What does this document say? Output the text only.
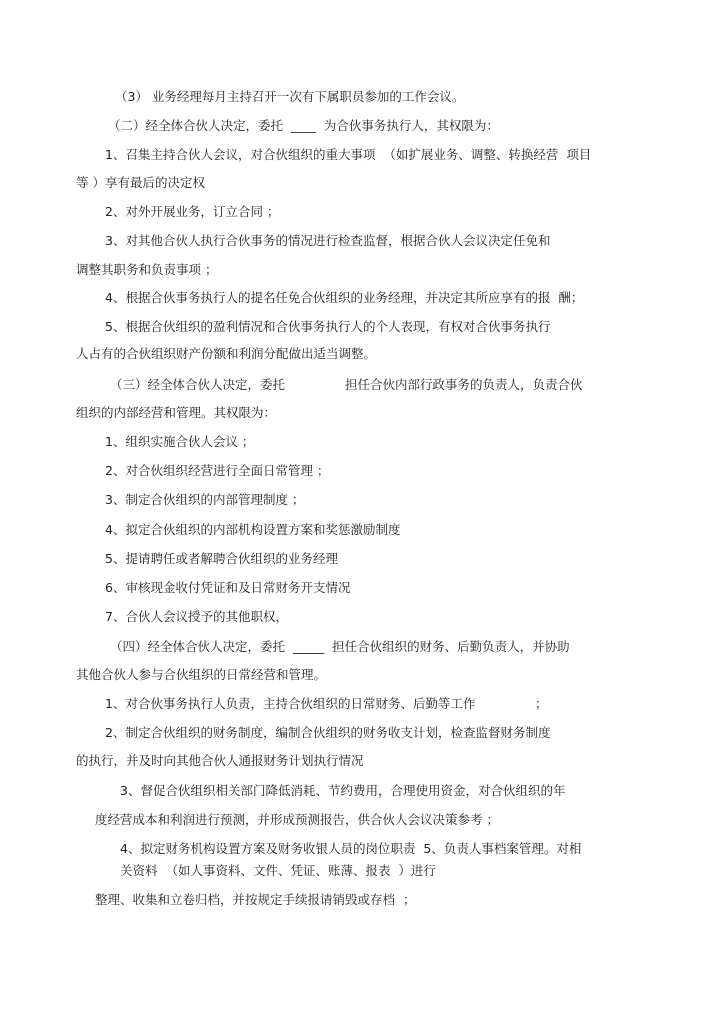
（3） 业务经理每月主持召开一次有下属职员参加的工作会议。
（二）经全体合伙人决定，委托  ____  为合伙事务执行人，其权限为：
1、召集主持合伙人会议，对合伙组织的重大事项  （如扩展业务、调整、转换经营  项目
等 ）享有最后的决定权
2、对外开展业务，订立合同 ；
3、对其他合伙人执行合伙事务的情况进行检查监督，根据合伙人会议决定任免和
调整其职务和负责事项 ；
4、根据合伙事务执行人的提名任免合伙组织的业务经理，并决定其所应享有的报  酬；
5、根据合伙组织的盈利情况和合伙事务执行人的个人表现，有权对合伙事务执行
人占有的合伙组织财产份额和利润分配做出适当调整。

（三）经全体合伙人决定，委托

	担任合伙内部行政事务的负责人，负责合伙

组织的内部经营和管理。其权限为：
1、组织实施合伙人会议 ；
2、对合伙组织经营进行全面日常管理 ；
3、制定合伙组织的内部管理制度 ；
4、拟定合伙组织的内部机构设置方案和奖惩激励制度
5、提请聘任或者解聘合伙组织的业务经理
6、审核现金收付凭证和及日常财务开支情况
7、合伙人会议授予的其他职权，
（四）经全体合伙人决定，委托  _____  担任合伙组织的财务、后勤负责人，并协助
其他合伙人参与合伙组织的日常经营和管理。

1、对合伙事务执行人负责，主持合伙组织的日常财务、后勤等工作

	；

2、制定合伙组织的财务制度，编制合伙组织的财务收支计划，检查监督财务制度
的执行，并及时向其他合伙人通报财务计划执行情况
3、督促合伙组织相关部门降低消耗、节约费用，合理使用资金，对合伙组织的年
度经营成本和利润进行预测，并形成预测报告，供合伙人会议决策参考 ；
4、拟定财务机构设置方案及财务收银人员的岗位职责  5、负责人事档案管理。对相
关资料  （如人事资料、文件、凭证、账薄、报表  ）进行
整理、收集和立卷归档，并按规定手续报请销毁或存档  ；
